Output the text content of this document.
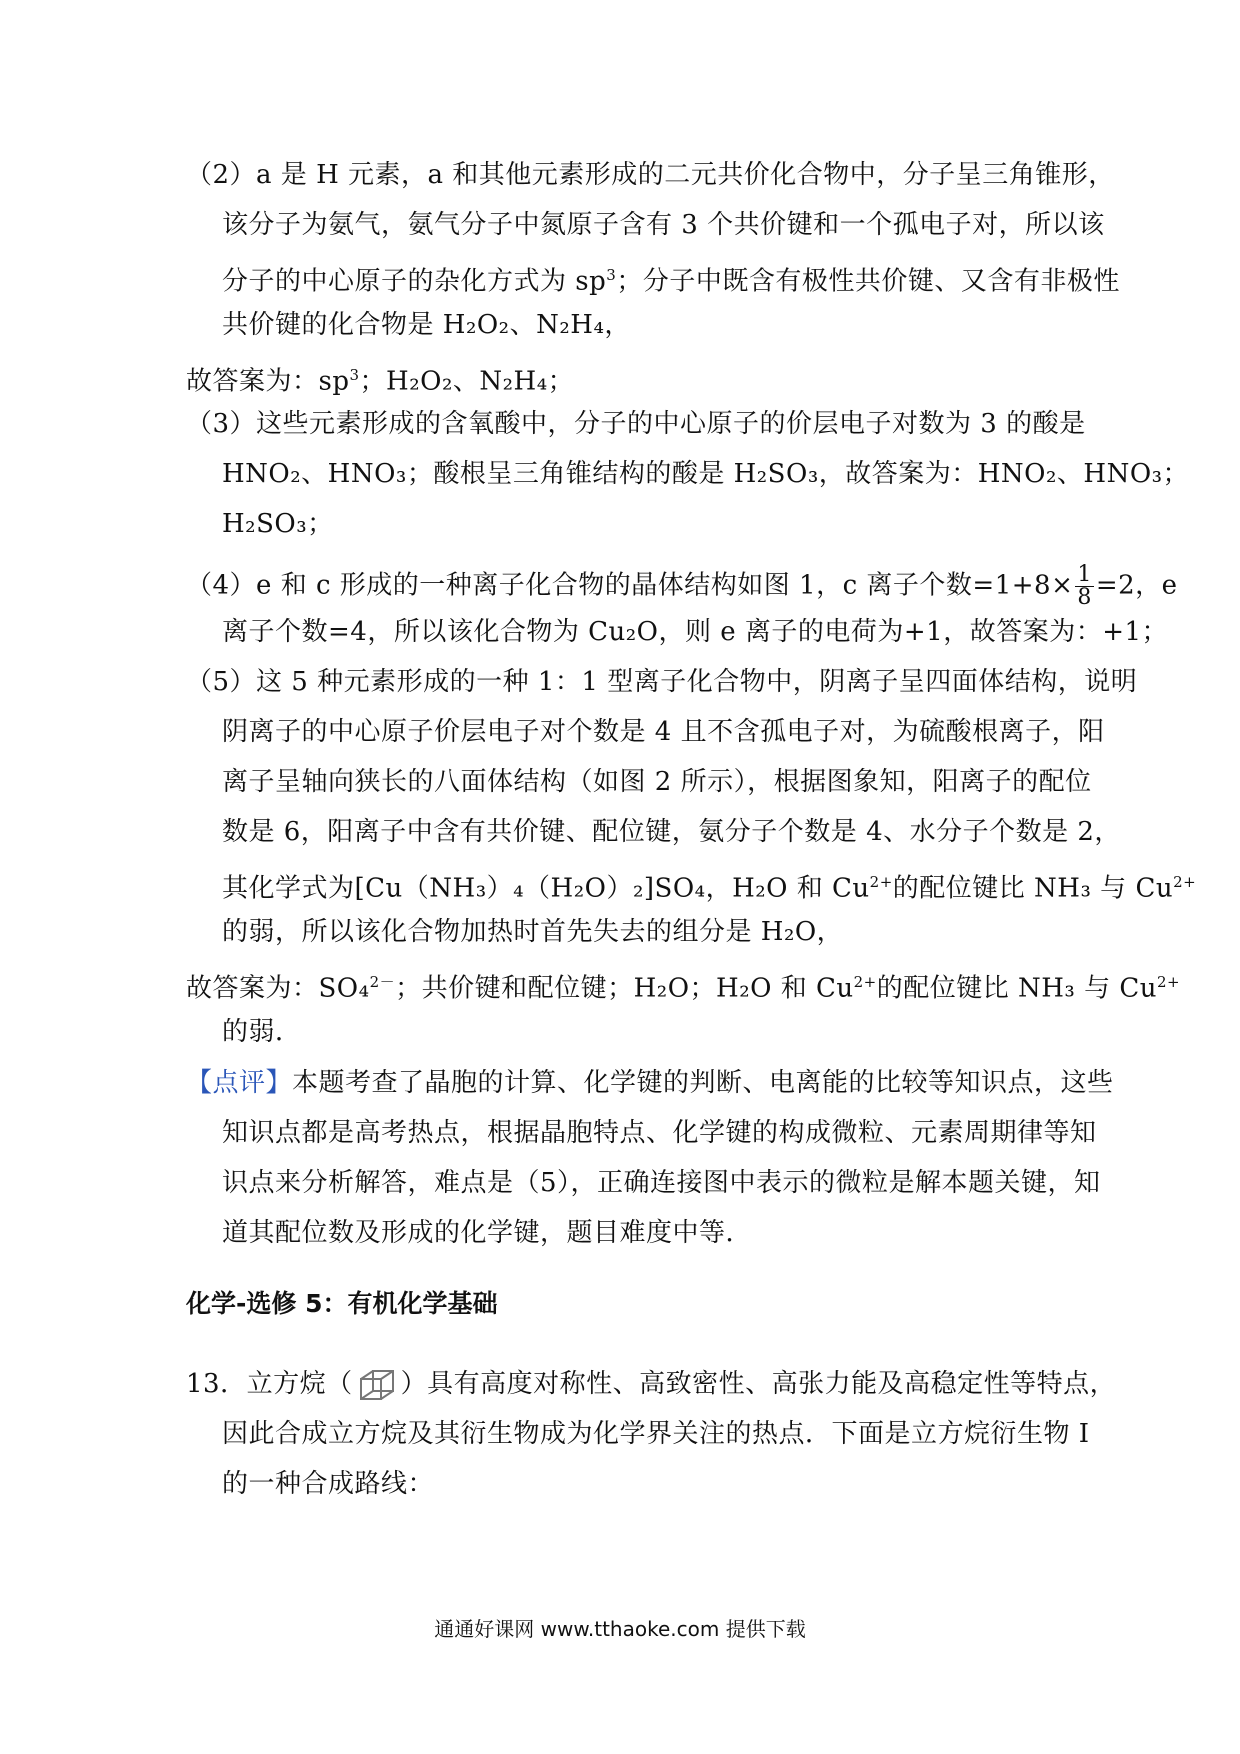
（2）a 是 H 元素，a 和其他元素形成的二元共价化合物中，分子呈三角锥形，
该分子为氨气，氨气分子中氮原子含有 3 个共价键和一个孤电子对，所以该
分子的中心原子的杂化方式为 $sp^3$；分子中既含有极性共价键、又含有非极性
共价键的化合物是 H₂O₂、N₂H₄，
故答案为：$sp^3$；H₂O₂、N₂H₄；
（3）这些元素形成的含氧酸中，分子的中心原子的价层电子对数为 3 的酸是
HNO₂、HNO₃；酸根呈三角锥结构的酸是 H₂SO₃，故答案为：HNO₂、HNO₃；
H₂SO₃；
（4）e 和 c 形成的一种离子化合物的晶体结构如图 1，c 离子个数$=1+8\times \frac{1}{8} =2$，e
离子个数=4，所以该化合物为 Cu₂O，则 e 离子的电荷为+1，故答案为：+1；
（5）这 5 种元素形成的一种 1：1 型离子化合物中，阴离子呈四面体结构，说明
阴离子的中心原子价层电子对个数是 4 且不含孤电子对，为硫酸根离子，阳
离子呈轴向狭长的八面体结构（如图 2 所示），根据图象知，阳离子的配位
数是 6，阳离子中含有共价键、配位键，氨分子个数是 4、水分子个数是 2，
其化学式为[Cu（NH₃）₄（H₂O）₂]SO₄，H₂O 和 $Cu^{2+}$的配位键比 NH₃ 与 $Cu^{2+}$
的弱，所以该化合物加热时首先失去的组分是 H₂O，
故答案为：SO₄$^{2-}$；共价键和配位键；H₂O；H₂O 和 $Cu^{2+}$的配位键比 NH₃ 与 $Cu^{2+}$
的弱．
【点评】本题考查了晶胞的计算、化学键的判断、电离能的比较等知识点，这些
知识点都是高考热点，根据晶胞特点、化学键的构成微粒、元素周期律等知
识点来分析解答，难点是（5），正确连接图中表示的微粒是解本题关键，知
道其配位数及形成的化学键，题目难度中等．
化学-选修 5：有机化学基础
13．立方烷（ ）具有高度对称性、高致密性、高张力能及高稳定性等特点，
因此合成立方烷及其衍生物成为化学界关注的热点．下面是立方烷衍生物 I
的一种合成路线：
通通好课网 www.tthaoke.com 提供下载
